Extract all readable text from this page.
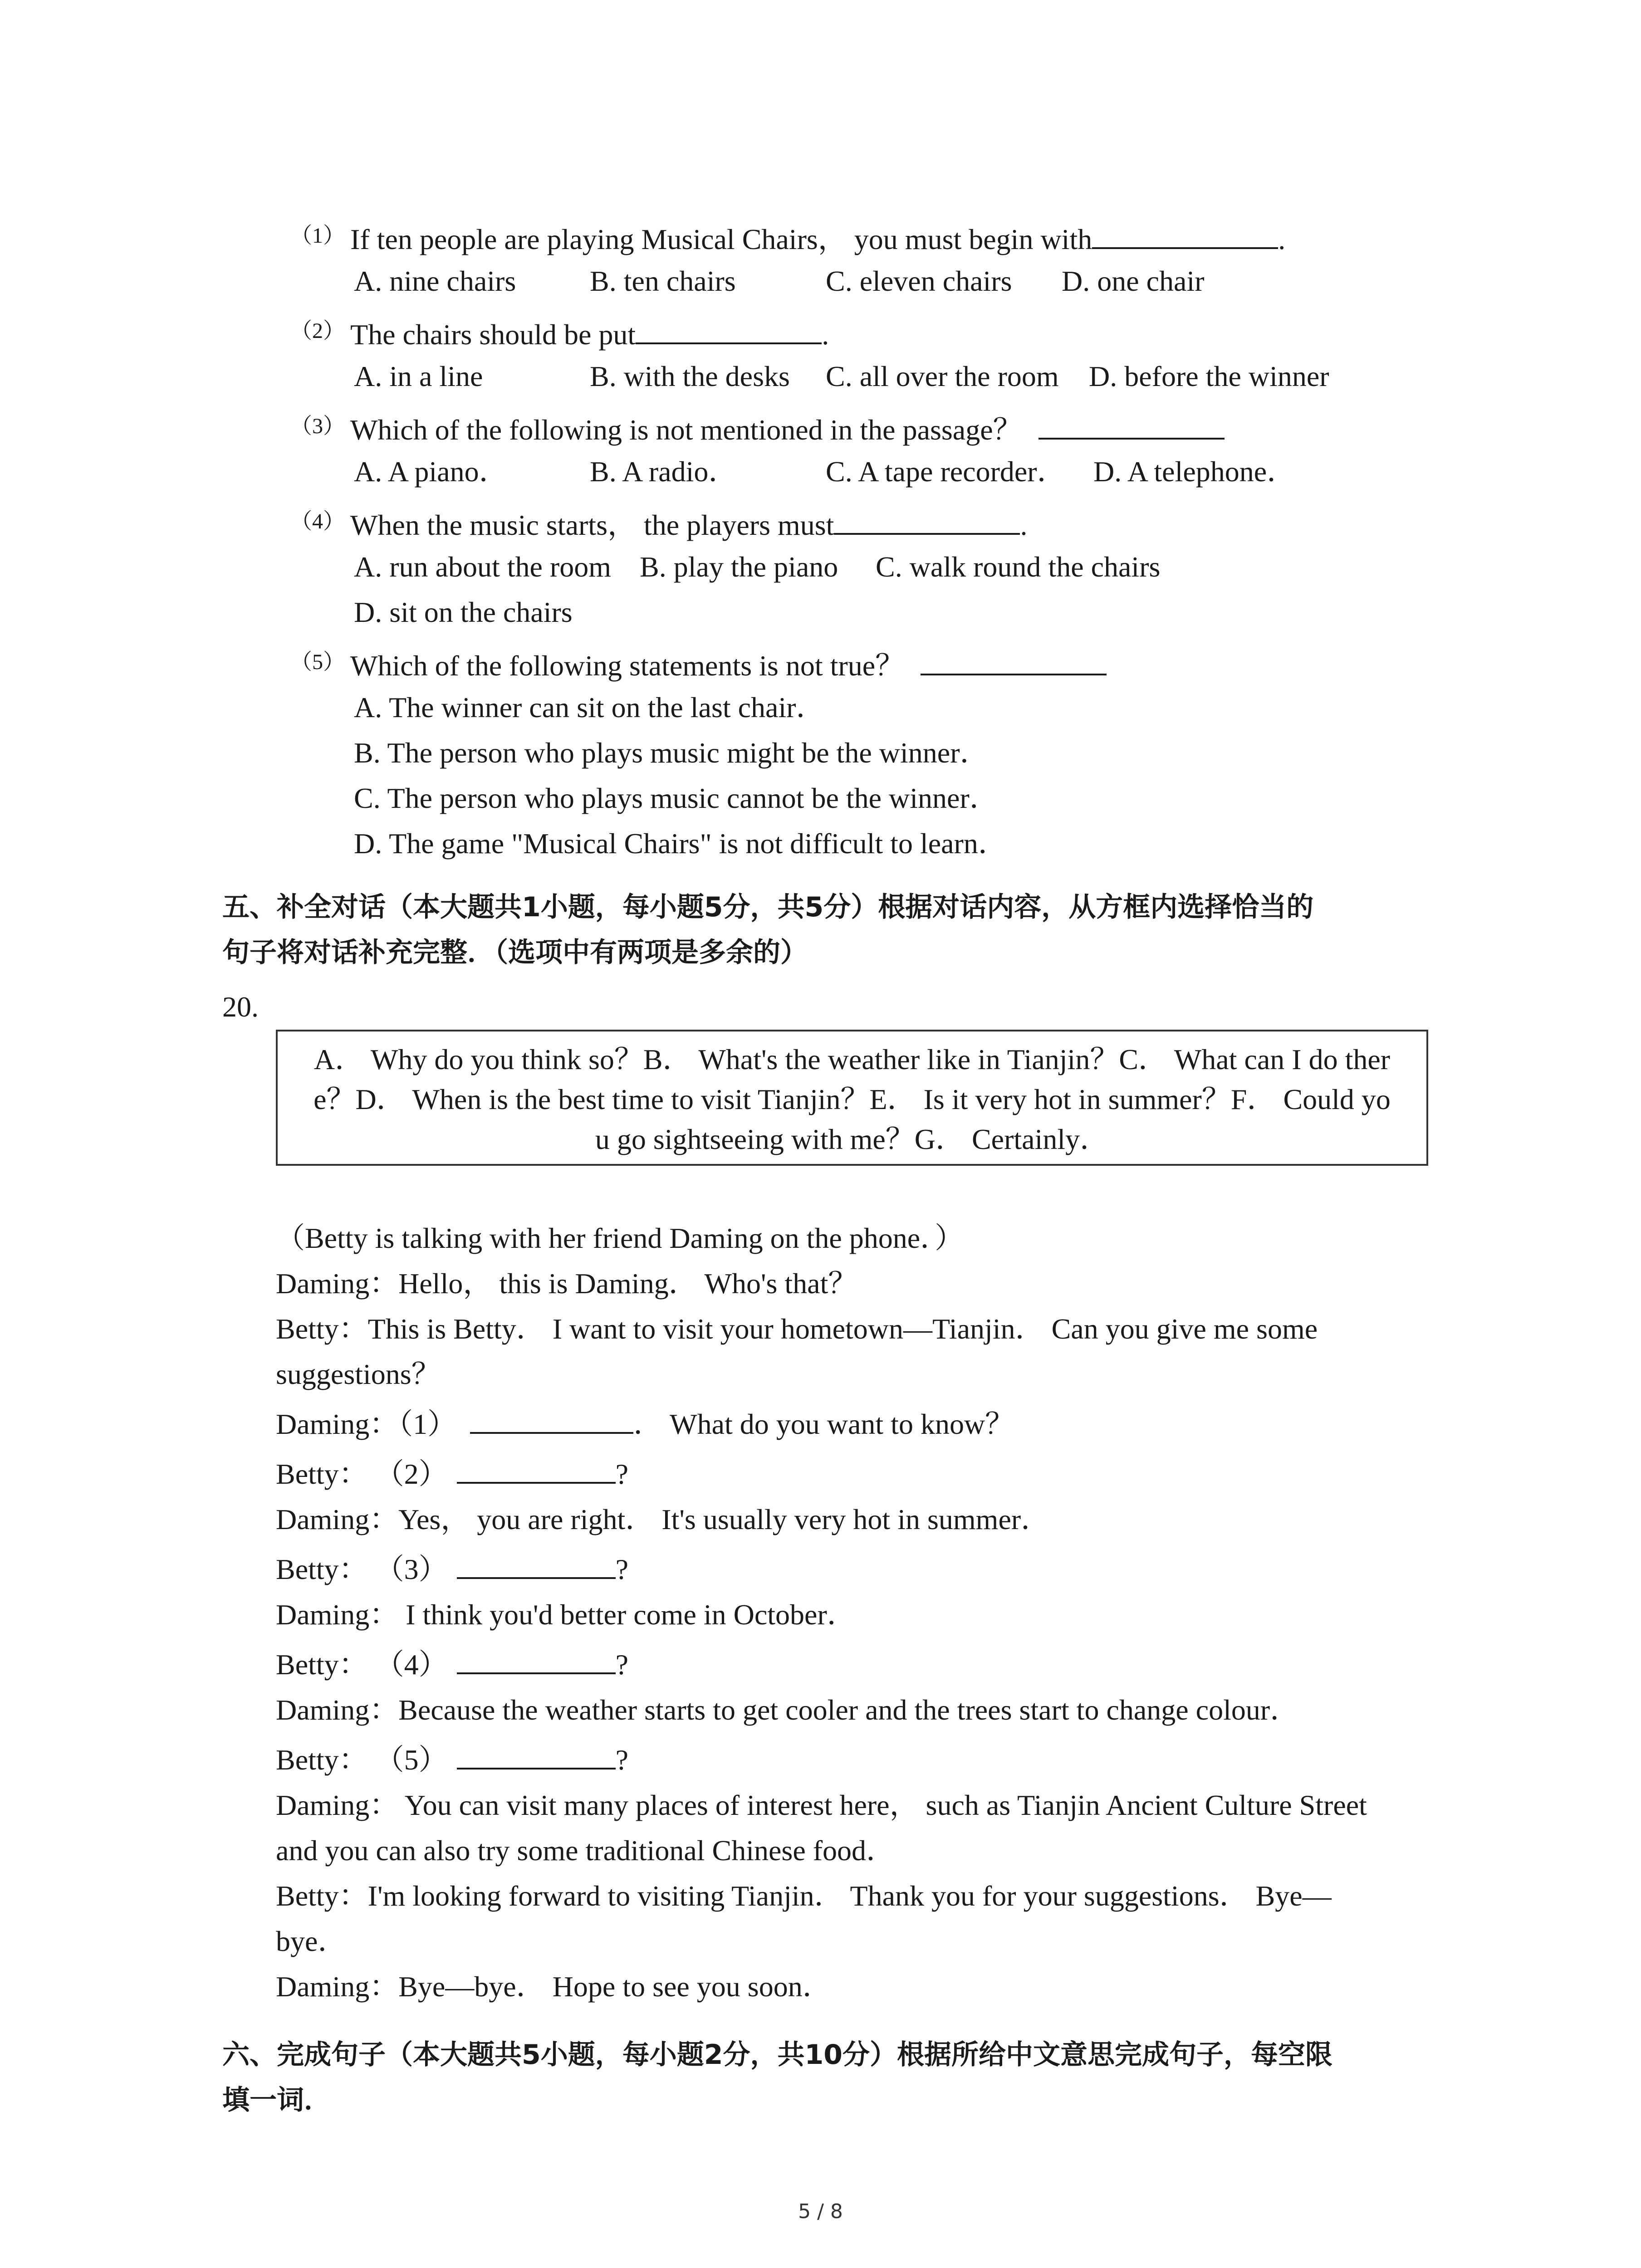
$^{(1)}$ If ten people are playing Musical Chairs， you must begin with	.
A. nine chairs	B. ten chairs	C. eleven chairs D. one chair
$^{(2)}$ The chairs should be put	.
A. in a line	B. with the desks C. all over the room D. before the winner
$^{(3)}$ Which of the following is not mentioned in the passage？
A. A piano．	B. A radio．	C. A tape recorder． D. A telephone．
$^{(4)}$ When the music starts， the players must	.
A. run about the room B. play the piano C. walk round the chairs
D. sit on the chairs
$^{(5)}$ Which of the following statements is not true？
A. The winner can sit on the last chair．
B. The person who plays music might be the winner．
C. The person who plays music cannot be the winner．
D. The game "Musical Chairs" is not difficult to learn．
五、补全对话（本大题共1小题，每小题5分，共5分）根据对话内容，从方框内选择恰当的
句子将对话补充完整．（选项中有两项是多余的）
20.
A． Why do you think so？B． What's the weather like in Tianjin？C． What can I do ther
e？D． When is the best time to visit Tianjin？E． Is it very hot in summer？F． Could yo
u go sightseeing with me？G． Certainly．
（Betty is talking with her friend Daming on the phone．）
Daming：Hello， this is Daming． Who's that？
Betty：This is Betty． I want to visit your hometown—Tianjin． Can you give me some
suggestions？
Daming：（1）	． What do you want to know？
Betty： （2）	?
Daming：Yes， you are right． It's usually very hot in summer．
Betty： （3）	?
Daming： I think you'd better come in October．
Betty： （4）	?
Daming：Because the weather starts to get cooler and the trees start to change colour．
Betty： （5）	?
Daming： You can visit many places of interest here， such as Tianjin Ancient Culture Street
and you can also try some traditional Chinese food．
Betty：I'm looking forward to visiting Tianjin． Thank you for your suggestions． Bye—
bye．
Daming：Bye—bye． Hope to see you soon．
六、完成句子（本大题共5小题，每小题2分，共10分）根据所给中文意思完成句子，每空限
填一词．
5 / 8
